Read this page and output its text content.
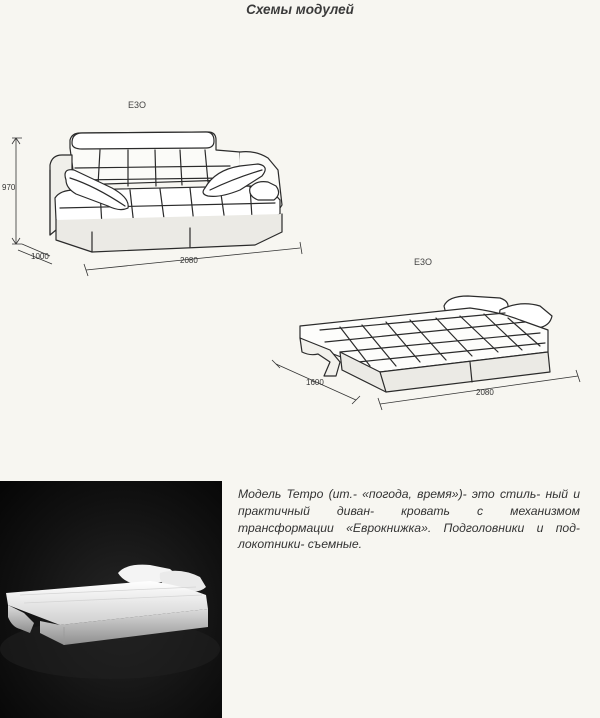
Схемы модулей
E3O
970
1000	2080	E3O
1600
2080
Модель Tempo (ит.- «погода, время»)- это стиль- ный и практичный диван- кровать с механизмом трансформации «Еврокнижка». Подголовники и под- локотники- съемные.
